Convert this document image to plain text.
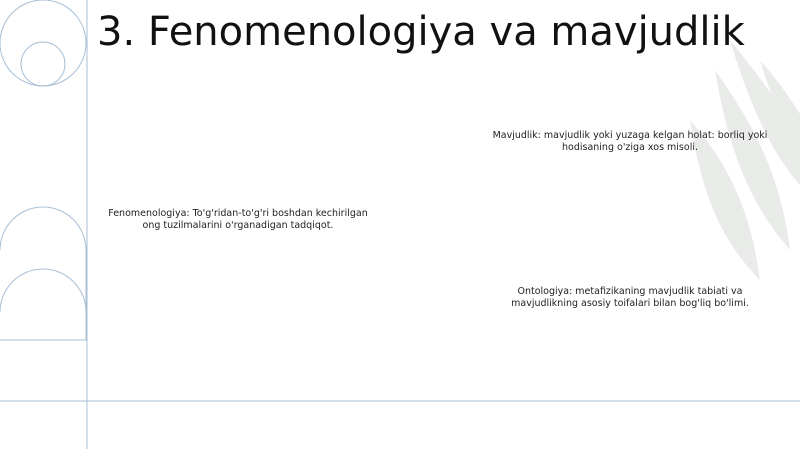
3. Fenomenologiya va mavjudlik
Fenomenologiya: To'g'ridan-to'g'ri boshdan kechirilgan ong tuzilmalarini o'rganadigan tadqiqot.
Mavjudlik: mavjudlik yoki yuzaga kelgan holat: borliq yoki hodisaning o'ziga xos misoli.
Ontologiya: metafizikaning mavjudlik tabiati va mavjudlikning asosiy toifalari bilan bog'liq bo'limi.
